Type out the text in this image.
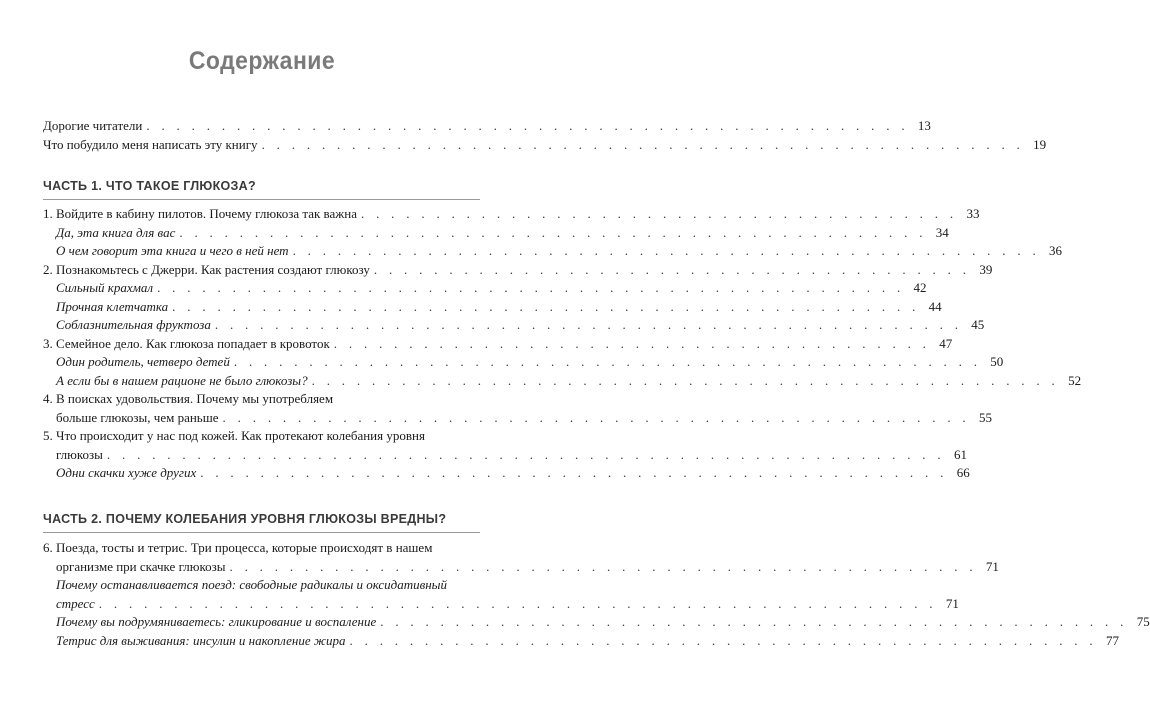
Содержание
Дорогие читатели . . . . . . . . . . . . . . . . . . . . . . . . . . . . . . . . . . . . . . . . . . . . . . . . . . . 13
Что побудило меня написать эту книгу . . . . . . . . . . . . . . . . . . . . . . . . . . . . . . . . . . . . . . . . . . . . . . . . . . . 19
ЧАСТЬ 1. ЧТО ТАКОЕ ГЛЮКОЗА?
1. Войдите в кабину пилотов. Почему глюкоза так важна . . . . . . . . . . . . . . . . . . . . . . . . . . . . . . . . . . . . . . . . 33
Да, эта книга для вас . . . . . . . . . . . . . . . . . . . . . . . . . . . . . . . . . . . . . . . . . . . . . . . . . . 34
О чем говорит эта книга и чего в ней нет . . . . . . . . . . . . . . . . . . . . . . . . . . . . . . . . . . . . . . . . . . . . . . . . . . 36
2. Познакомьтесь с Джерри. Как растения создают глюкозу . . . . . . . . . . . . . . . . . . . . . . . . . . . . . . . . . . . . . . . . 39
Сильный крахмал . . . . . . . . . . . . . . . . . . . . . . . . . . . . . . . . . . . . . . . . . . . . . . . . . . 42
Прочная клетчатка . . . . . . . . . . . . . . . . . . . . . . . . . . . . . . . . . . . . . . . . . . . . . . . . . . 44
Соблазнительная фруктоза . . . . . . . . . . . . . . . . . . . . . . . . . . . . . . . . . . . . . . . . . . . . . . . . . . 45
3. Семейное дело. Как глюкоза попадает в кровоток . . . . . . . . . . . . . . . . . . . . . . . . . . . . . . . . . . . . . . . . 47
Один родитель, четверо детей . . . . . . . . . . . . . . . . . . . . . . . . . . . . . . . . . . . . . . . . . . . . . . . . . . 50
А если бы в нашем рационе не было глюкозы? . . . . . . . . . . . . . . . . . . . . . . . . . . . . . . . . . . . . . . . . . . . . . . . . . . 52
4. В поисках удовольствия. Почему мы употребляем
больше глюкозы, чем раньше . . . . . . . . . . . . . . . . . . . . . . . . . . . . . . . . . . . . . . . . . . . . . . . . . . 55
5. Что происходит у нас под кожей. Как протекают колебания уровня
глюкозы . . . . . . . . . . . . . . . . . . . . . . . . . . . . . . . . . . . . . . . . . . . . . . . . . . . . . . . . 61
Одни скачки хуже других . . . . . . . . . . . . . . . . . . . . . . . . . . . . . . . . . . . . . . . . . . . . . . . . . . 66
ЧАСТЬ 2. ПОЧЕМУ КОЛЕБАНИЯ УРОВНЯ ГЛЮКОЗЫ ВРЕДНЫ?
6. Поезда, тосты и тетрис. Три процесса, которые происходят в нашем
организме при скачке глюкозы . . . . . . . . . . . . . . . . . . . . . . . . . . . . . . . . . . . . . . . . . . . . . . . . . . 71
Почему останавливается поезд: свободные радикалы и оксидативный
стресс . . . . . . . . . . . . . . . . . . . . . . . . . . . . . . . . . . . . . . . . . . . . . . . . . . . . . . . . 71
Почему вы подрумяниваетесь: гликирование и воспаление . . . . . . . . . . . . . . . . . . . . . . . . . . . . . . . . . . . . . . . . . . . . . . . . . . 75
Тетрис для выживания: инсулин и накопление жира . . . . . . . . . . . . . . . . . . . . . . . . . . . . . . . . . . . . . . . . . . . . . . . . . . 77
